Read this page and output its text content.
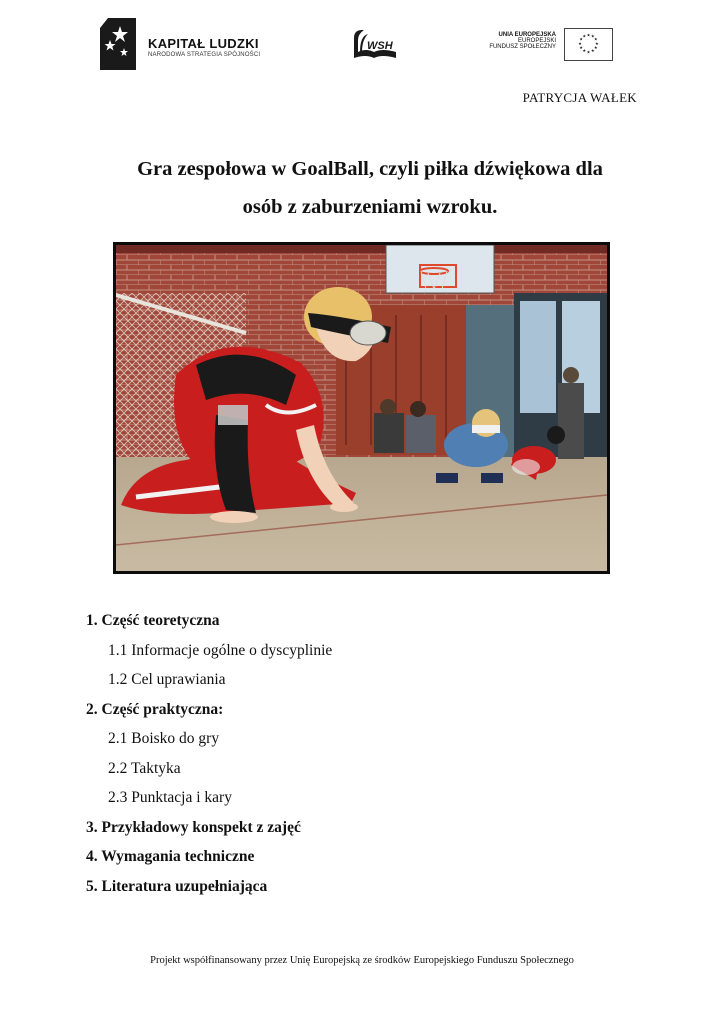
KAPITAŁ LUDZKI
NARODOWA STRATEGIA SPÓJNOŚCI
WSH
UNIA EUROPEJSKA
EUROPEJSKI
FUNDUSZ SPOŁECZNY
★ ★
★
★
★
★
★
★
★
★
★
★
PATRYCJA WAŁEK
Gra zespołowa w GoalBall, czyli piłka dźwiękowa dla
osób z zaburzeniami wzroku.
1. Część teoretyczna
1.1 Informacje ogólne o dyscyplinie
1.2 Cel uprawiania
2. Część praktyczna:
2.1 Boisko do gry
2.2 Taktyka
2.3 Punktacja i kary
3. Przykładowy konspekt z zajęć
4. Wymagania techniczne
5. Literatura uzupełniająca
Projekt współfinansowany przez Unię Europejską ze środków Europejskiego Funduszu Społecznego
